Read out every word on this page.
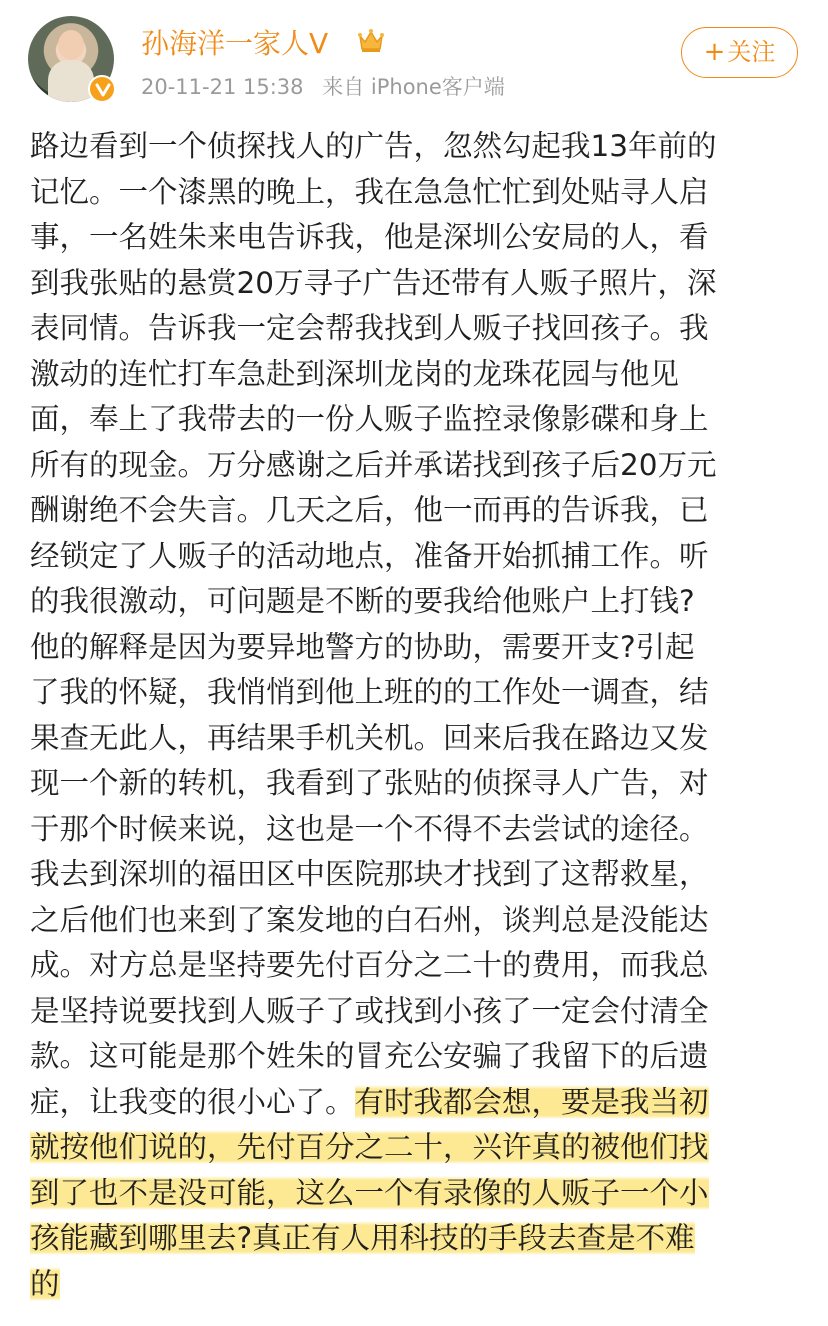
孙海洋一家人V
20-11-21 15:38 来自 iPhone客户端
+关注
路边看到一个侦探找人的广告，忽然勾起我13年前的
记忆。一个漆黑的晚上，我在急急忙忙到处贴寻人启
事，一名姓朱来电告诉我，他是深圳公安局的人，看
到我张贴的悬赏20万寻子广告还带有人贩子照片，深
表同情。告诉我一定会帮我找到人贩子找回孩子。我
激动的连忙打车急赴到深圳龙岗的龙珠花园与他见
面，奉上了我带去的一份人贩子监控录像影碟和身上
所有的现金。万分感谢之后并承诺找到孩子后20万元
酬谢绝不会失言。几天之后，他一而再的告诉我，已
经锁定了人贩子的活动地点，准备开始抓捕工作。听
的我很激动，可问题是不断的要我给他账户上打钱?
他的解释是因为要异地警方的协助，需要开支?引起
了我的怀疑，我悄悄到他上班的的工作处一调查，结
果查无此人，再结果手机关机。回来后我在路边又发
现一个新的转机，我看到了张贴的侦探寻人广告，对
于那个时候来说，这也是一个不得不去尝试的途径。
我去到深圳的福田区中医院那块才找到了这帮救星，
之后他们也来到了案发地的白石州，谈判总是没能达
成。对方总是坚持要先付百分之二十的费用，而我总
是坚持说要找到人贩子了或找到小孩了一定会付清全
款。这可能是那个姓朱的冒充公安骗了我留下的后遗
症，让我变的很小心了。有时我都会想，要是我当初
就按他们说的，先付百分之二十，兴许真的被他们找
到了也不是没可能，这么一个有录像的人贩子一个小
孩能藏到哪里去?真正有人用科技的手段去查是不难
的
